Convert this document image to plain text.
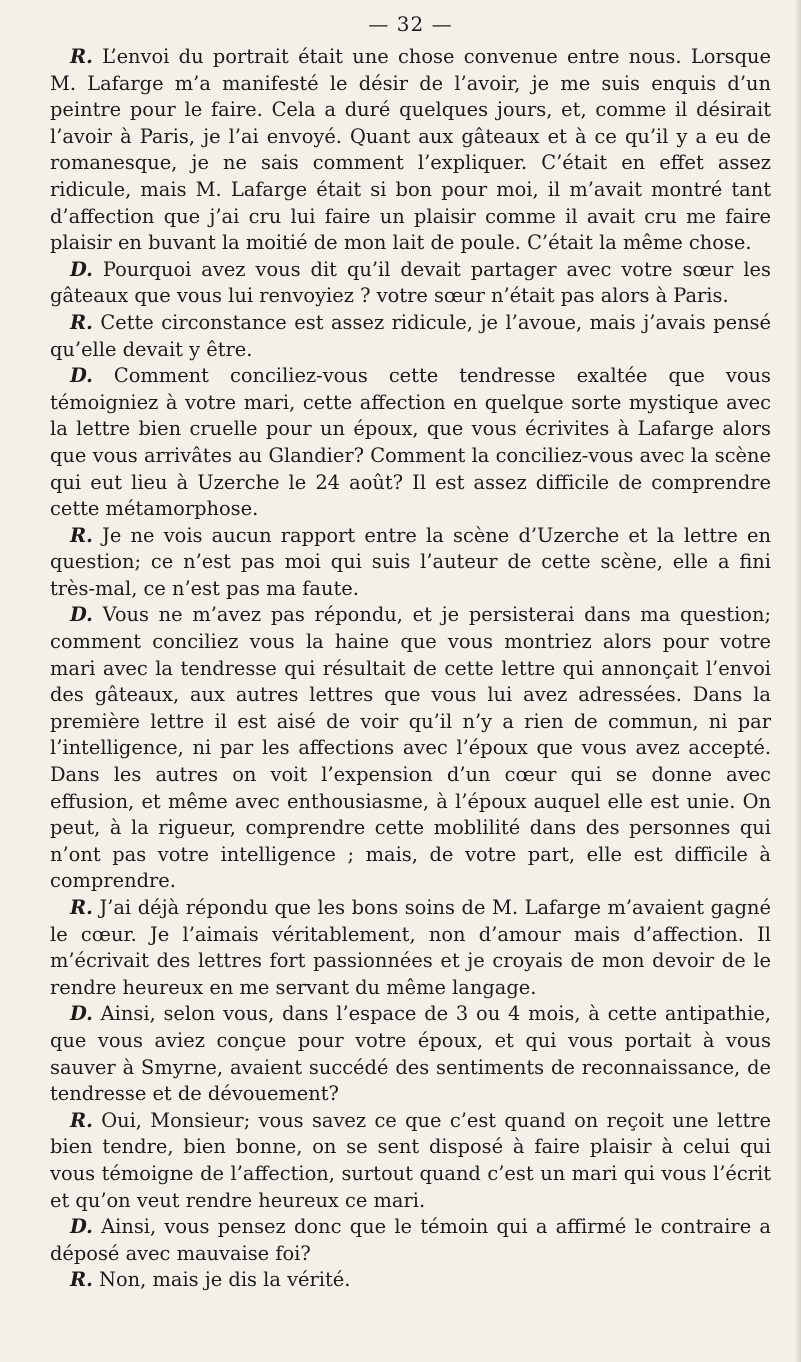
— 32 —

R. L’envoi du portrait était une chose convenue entre nous. Lorsque M. Lafarge m’a manifesté le désir de l’avoir, je me suis enquis d’un peintre pour le faire. Cela a duré quelques jours, et, comme il désirait l’avoir à Paris, je l’ai envoyé. Quant aux gâteaux et à ce qu’il y a eu de romanesque, je ne sais comment l’expliquer. C’était en effet assez ridicule, mais M. Lafarge était si bon pour moi, il m’avait montré tant d’affection que j’ai cru lui faire un plaisir comme il avait cru me faire plaisir en buvant la moitié de mon lait de poule. C’était la même chose.

D. Pourquoi avez vous dit qu’il devait partager avec votre sœur les gâteaux que vous lui renvoyiez ? votre sœur n’était pas alors à Paris.

R. Cette circonstance est assez ridicule, je l’avoue, mais j’avais pensé qu’elle devait y être.

D. Comment conciliez-vous cette tendresse exaltée que vous témoigniez à votre mari, cette affection en quelque sorte mystique avec la lettre bien cruelle pour un époux, que vous écrivites à Lafarge alors que vous arrivâtes au Glandier? Comment la conciliez-vous avec la scène qui eut lieu à Uzerche le 24 août? Il est assez difficile de comprendre cette métamorphose.

R. Je ne vois aucun rapport entre la scène d’Uzerche et la lettre en question; ce n’est pas moi qui suis l’auteur de cette scène, elle a fini très-mal, ce n’est pas ma faute.

D. Vous ne m’avez pas répondu, et je persisterai dans ma question; comment conciliez vous la haine que vous montriez alors pour votre mari avec la tendresse qui résultait de cette lettre qui annonçait l’envoi des gâteaux, aux autres lettres que vous lui avez adressées. Dans la première lettre il est aisé de voir qu’il n’y a rien de commun, ni par l’intelligence, ni par les affections avec l’époux que vous avez accepté. Dans les autres on voit l’expension d’un cœur qui se donne avec effusion, et même avec enthousiasme, à l’époux auquel elle est unie. On peut, à la rigueur, comprendre cette moblilité dans des personnes qui n’ont pas votre intelligence ; mais, de votre part, elle est difficile à comprendre.

R. J’ai déjà répondu que les bons soins de M. Lafarge m’avaient gagné le cœur. Je l’aimais véritablement, non d’amour mais d’affection. Il m’écrivait des lettres fort passionnées et je croyais de mon devoir de le rendre heureux en me servant du même langage.

D. Ainsi, selon vous, dans l’espace de 3 ou 4 mois, à cette antipathie, que vous aviez conçue pour votre époux, et qui vous portait à vous sauver à Smyrne, avaient succédé des sentiments de reconnaissance, de tendresse et de dévouement?

R. Oui, Monsieur; vous savez ce que c’est quand on reçoit une lettre bien tendre, bien bonne, on se sent disposé à faire plaisir à celui qui vous témoigne de l’affection, surtout quand c’est un mari qui vous l’écrit et qu’on veut rendre heureux ce mari.

D. Ainsi, vous pensez donc que le témoin qui a affirmé le contraire a déposé avec mauvaise foi?

R. Non, mais je dis la vérité.
